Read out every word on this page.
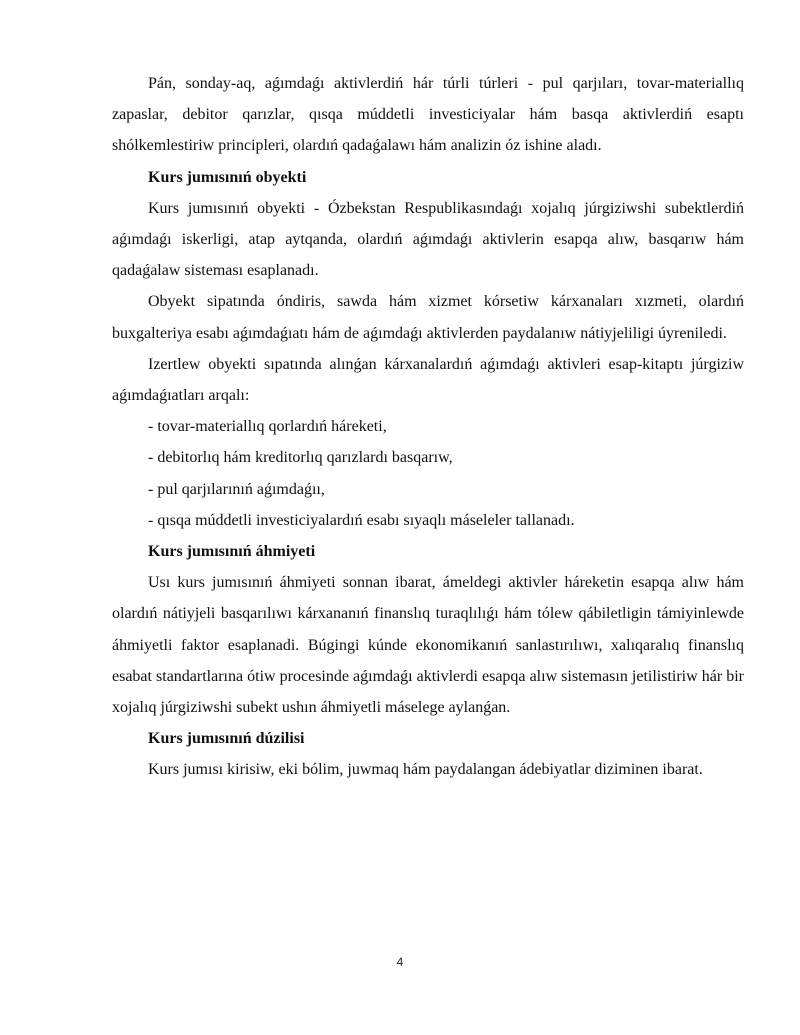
Pán, sonday-aq, aǵımdaǵı aktivlerdiń hár túrli túrleri - pul qarjıları, tovar-materiallıq zapaslar, debitor qarızlar, qısqa múddetli investiciyalar hám basqa aktivlerdiń esaptı shólkemlestiriw principleri, olardıń qadaǵalawı hám analizin óz ishine aladı.

Kurs jumısınıń obyekti

Kurs jumısınıń obyekti - Ózbekstan Respublikasındaǵı xojalıq júrgiziwshi subektlerdiń aǵımdaǵı iskerligi, atap aytqanda, olardıń aǵımdaǵı aktivlerin esapqa alıw, basqarıw hám qadaǵalaw sisteması esaplanadı.

Obyekt sipatında óndiris, sawda hám xizmet kórsetiw kárxanaları xızmeti, olardıń buxgalteriya esabı aǵımdaǵıatı hám de aǵımdaǵı aktivlerden paydalanıw nátiyjeliligi úyreniledi.

Izertlew obyekti sıpatında alınǵan kárxanalardıń aǵımdaǵı aktivleri esap-kitaptı júrgiziw aǵımdaǵıatları arqalı:

- tovar-materiallıq qorlardıń háreketi,

- debitorlıq hám kreditorlıq qarızlardı basqarıw,

- pul qarjılarınıń aǵımdaǵıı,

- qısqa múddetli investiciyalardıń esabı sıyaqlı máseleler tallanadı.

Kurs jumısınıń áhmiyeti

Usı kurs jumısınıń áhmiyeti sonnan ibarat, ámeldegi aktivler háreketin esapqa alıw hám olardıń nátiyjeli basqarılıwı kárxananıń finanslıq turaqlılıǵı hám tólew qábiletligin támiyinlewde áhmiyetli faktor esaplanadi. Búgingi kúnde ekonomikanıń sanlastırılıwı, xalıqaralıq finanslıq esabat standartlarına ótiw procesinde aǵımdaǵı aktivlerdi esapqa alıw sistemasın jetilistiriw hár bir xojalıq júrgiziwshi subekt ushın áhmiyetli máselege aylanǵan.

Kurs jumısınıń dúzilisi

Kurs jumısı kirisiw, eki bólim, juwmaq hám paydalangan ádebiyatlar diziminen ibarat.

4
